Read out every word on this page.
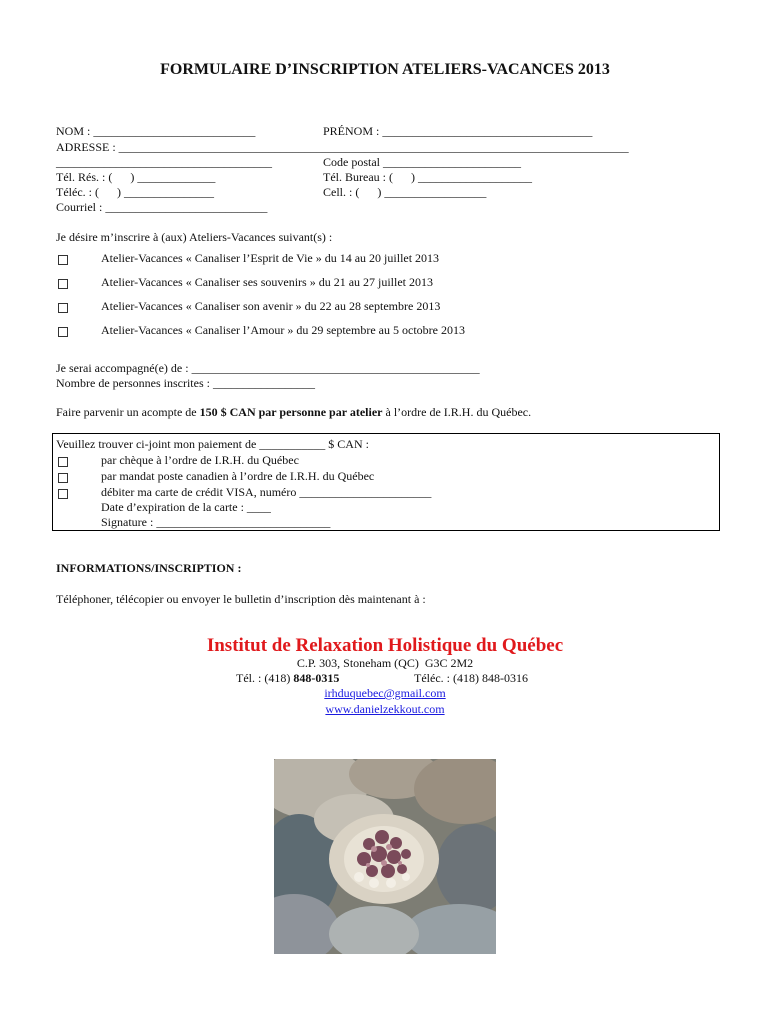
FORMULAIRE D’INSCRIPTION ATELIERS-VACANCES 2013
NOM : ___________________________	PRÉNOM : ___________________________________
ADRESSE : _____________________________________________________________________________________
____________________________________	Code postal _______________________
Tél. Rés. : (      ) _____________	Tél. Bureau : (      ) ___________________
Téléc. : (      ) _______________	Cell. : (      ) _________________
Courriel : ___________________________
Je désire m’inscrire à (aux) Ateliers-Vacances suivant(s) :
Atelier-Vacances « Canaliser l’Esprit de Vie » du 14 au 20 juillet 2013
Atelier-Vacances « Canaliser ses souvenirs » du 21 au 27 juillet 2013
Atelier-Vacances « Canaliser son avenir » du 22 au 28 septembre 2013
Atelier-Vacances « Canaliser l’Amour » du 29 septembre au 5 octobre 2013
Je serai accompagné(e) de : ________________________________________________
Nombre de personnes inscrites : _________________
Faire parvenir un acompte de 150 $ CAN par personne par atelier à l’ordre de I.R.H. du Québec.
Veuillez trouver ci-joint mon paiement de ___________ $ CAN :
par chèque à l’ordre de I.R.H. du Québec
par mandat poste canadien à l’ordre de I.R.H. du Québec
débiter ma carte de crédit VISA, numéro ______________________
Date d’expiration de la carte : ____
Signature : _____________________________
INFORMATIONS/INSCRIPTION :
Téléphoner, télécopier ou envoyer le bulletin d’inscription dès maintenant à :
Institut de Relaxation Holistique du Québec
C.P. 303, Stoneham (QC)  G3C 2M2
Tél. : (418) 848-0315	Téléc. : (418) 848-0316
irhduquebec@gmail.com
www.danielzekkout.com
